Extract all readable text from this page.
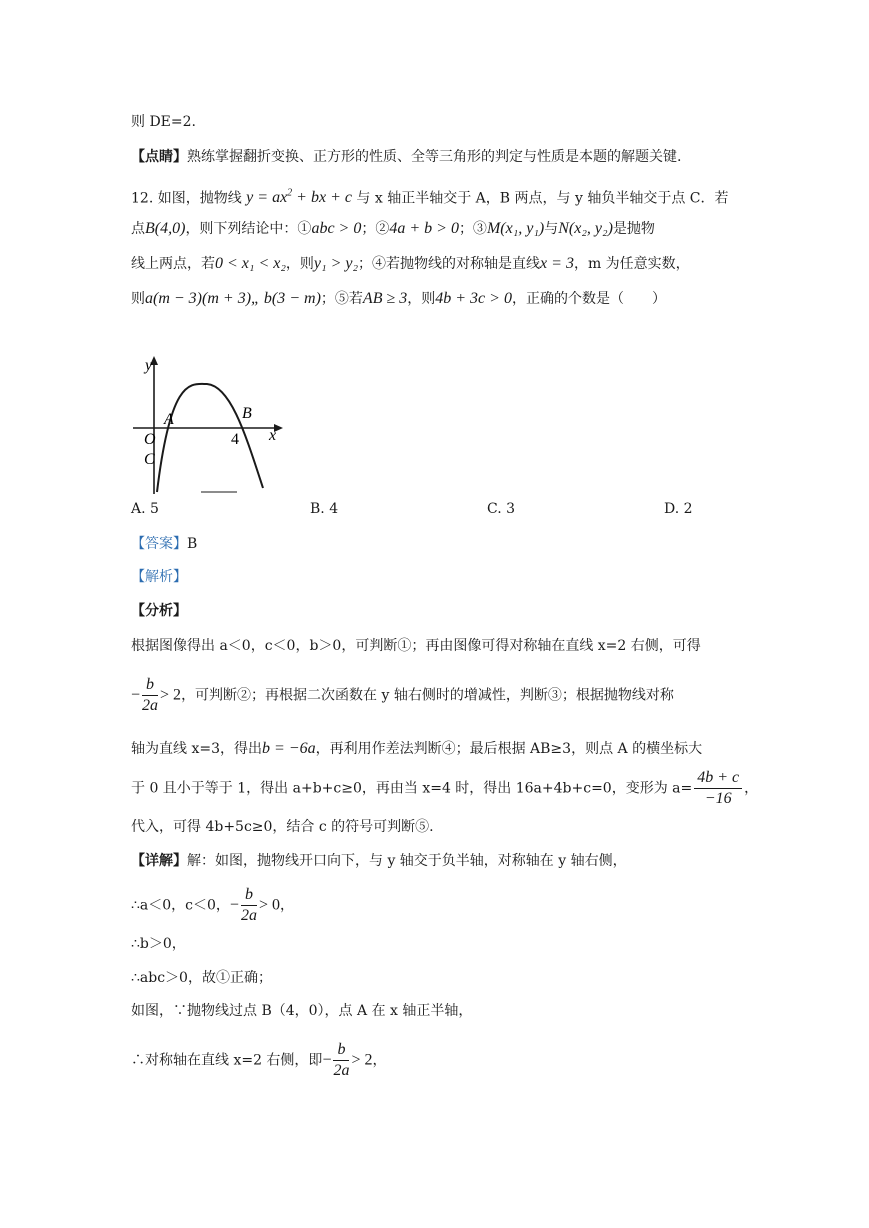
则 DE=2.
【点睛】熟练掌握翻折变换、正方形的性质、全等三角形的判定与性质是本题的解题关键.
12. 如图，抛物线 $y = ax^2$ + bx + c 与 x 轴正半轴交于 A，B 两点，与 y 轴负半轴交于点 C．若
点B(4,0)，则下列结论中：①abc > 0；②4a + b > 0；③M(x₁, y₁)与N(x₂, y₂)是抛物
线上两点，若0 < x₁ < x₂，则y₁ > y₂；④若抛物线的对称轴是直线x = 3，m 为任意实数，
则a(m − 3)(m + 3)„ b(3 − m)；⑤若AB ≥ 3，则4b + 3c > 0，正确的个数是（　　）
y
x
A	B
O
C
4
A. 5	B. 4	C. 3	D. 2
【答案】B
【解析】
【分析】
根据图像得出 a＜0，c＜0，b＞0，可判断①；再由图像可得对称轴在直线 x=2 右侧，可得
− $\frac{b}{2a} > 2$，可判断②；再根据二次函数在 y 轴右侧时的增减性，判断③；根据抛物线对称
轴为直线 x=3，得出b = −6a，再利用作差法判断④；最后根据 AB≥3，则点 A 的横坐标大
于 0 且小于等于 1，得出 a+b+c≥0，再由当 x=4 时，得出 16a+4b+c=0，变形为 $a= \frac{4b + c}{-16}$ ，
代入，可得 4b+5c≥0，结合 c 的符号可判断⑤.
【详解】解：如图，抛物线开口向下，与 y 轴交于负半轴，对称轴在 y 轴右侧，
∴a＜0，c＜0，− $\frac{b}{2a} > 0$，
∴b＞0，
∴abc＞0，故①正确；
如图，∵抛物线过点 B（4，0），点 A 在 x 轴正半轴，
∴对称轴在直线 x=2 右侧，即− $\frac{b}{2a} > 2$，
